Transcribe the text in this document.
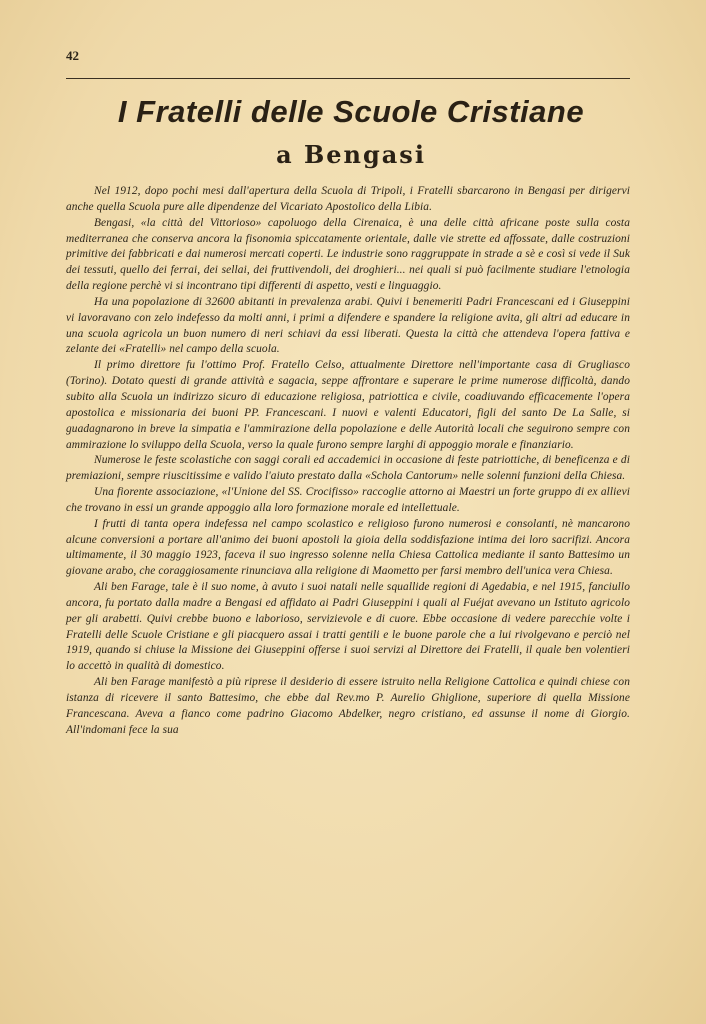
42
I Fratelli delle Scuole Cristiane
a Bengasi

Nel 1912, dopo pochi mesi dall'apertura della Scuola di Tripoli, i Fratelli sbarcarono in Bengasi per dirigervi anche quella Scuola pure alle dipendenze del Vicariato Apostolico della Libia.

Bengasi, «la città del Vittorioso» capoluogo della Cirenaica, è una delle città africane poste sulla costa mediterranea che conserva ancora la fisonomia spiccatamente orientale, dalle vie strette ed affossate, dalle costruzioni primitive dei fabbricati e dai numerosi mercati coperti. Le industrie sono raggruppate in strade a sè e così si vede il Suk dei tessuti, quello dei ferrai, dei sellai, dei fruttivendoli, dei droghieri... nei quali si può facilmente studiare l'etnologia della regione perchè vi si incontrano tipi differenti di aspetto, vesti e linguaggio.

Ha una popolazione di 32600 abitanti in prevalenza arabi. Quivi i benemeriti Padri Francescani ed i Giuseppini vi lavoravano con zelo indefesso da molti anni, i primi a difendere e spandere la religione avita, gli altri ad educare in una scuola agricola un buon numero di neri schiavi da essi liberati. Questa la città che attendeva l'opera fattiva e zelante dei «Fratelli» nel campo della scuola.

Il primo direttore fu l'ottimo Prof. Fratello Celso, attualmente Direttore nell'importante casa di Grugliasco (Torino). Dotato questi di grande attività e sagacia, seppe affrontare e superare le prime numerose difficoltà, dando subito alla Scuola un indirizzo sicuro di educazione religiosa, patriottica e civile, coadiuvando efficacemente l'opera apostolica e missionaria dei buoni PP. Francescani. I nuovi e valenti Educatori, figli del santo De La Salle, si guadagnarono in breve la simpatia e l'ammirazione della popolazione e delle Autorità locali che seguirono sempre con ammirazione lo sviluppo della Scuola, verso la quale furono sempre larghi di appoggio morale e finanziario.

Numerose le feste scolastiche con saggi corali ed accademici in occasione di feste patriottiche, di beneficenza e di premiazioni, sempre riuscitissime e valido l'aiuto prestato dalla «Schola Cantorum» nelle solenni funzioni della Chiesa.

Una fiorente associazione, «l'Unione del SS. Crocifisso» raccoglie attorno ai Maestri un forte gruppo di ex allievi che trovano in essi un grande appoggio alla loro formazione morale ed intellettuale.

I frutti di tanta opera indefessa nel campo scolastico e religioso furono numerosi e consolanti, nè mancarono alcune conversioni a portare all'animo dei buoni apostoli la gioia della soddisfazione intima dei loro sacrifizi. Ancora ultimamente, il 30 maggio 1923, faceva il suo ingresso solenne nella Chiesa Cattolica mediante il santo Battesimo un giovane arabo, che coraggiosamente rinunciava alla religione di Maometto per farsi membro dell'unica vera Chiesa.

Ali ben Farage, tale è il suo nome, à avuto i suoi natali nelle squallide regioni di Agedabia, e nel 1915, fanciullo ancora, fu portato dalla madre a Bengasi ed affidato ai Padri Giuseppini i quali al Fuéjat avevano un Istituto agricolo per gli arabetti. Quivi crebbe buono e laborioso, servizievole e di cuore. Ebbe occasione di vedere parecchie volte i Fratelli delle Scuole Cristiane e gli piacquero assai i tratti gentili e le buone parole che a lui rivolgevano e perciò nel 1919, quando si chiuse la Missione dei Giuseppini offerse i suoi servizi al Direttore dei Fratelli, il quale ben volentieri lo accettò in qualità di domestico.

Ali ben Farage manifestò a più riprese il desiderio di essere istruito nella Religione Cattolica e quindi chiese con istanza di ricevere il santo Battesimo, che ebbe dal Rev.mo P. Aurelio Ghiglione, superiore di quella Missione Francescana. Aveva a fianco come padrino Giacomo Abdelker, negro cristiano, ed assunse il nome di Giorgio. All'indomani fece la sua
